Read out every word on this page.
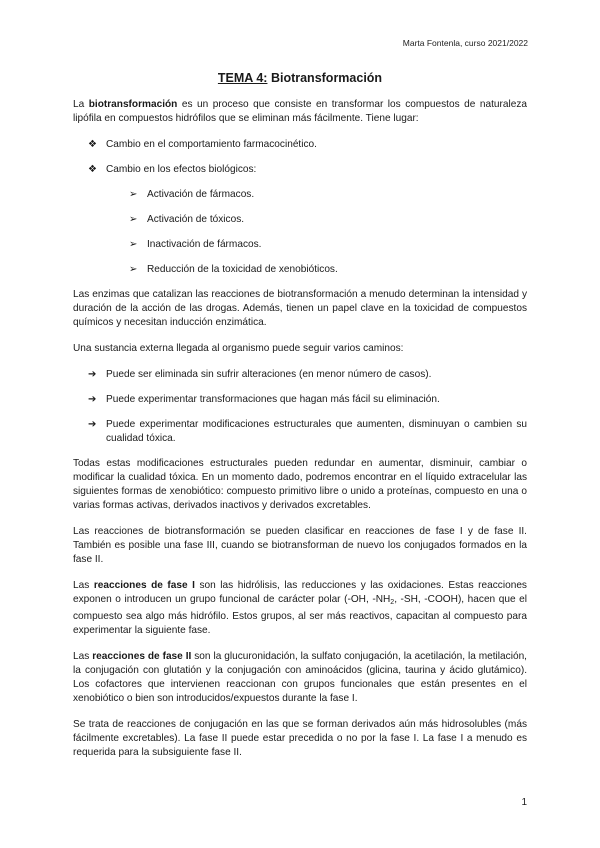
Marta Fontenla, curso 2021/2022
TEMA 4: Biotransformación

La biotransformación es un proceso que consiste en transformar los compuestos de naturaleza lipófila en compuestos hidrófilos que se eliminan más fácilmente. Tiene lugar:

❖ Cambio en el comportamiento farmacocinético.
❖ Cambio en los efectos biológicos:
➢ Activación de fármacos.
➢ Activación de tóxicos.
➢ Inactivación de fármacos.
➢ Reducción de la toxicidad de xenobióticos.

Las enzimas que catalizan las reacciones de biotransformación a menudo determinan la intensidad y duración de la acción de las drogas. Además, tienen un papel clave en la toxicidad de compuestos químicos y necesitan inducción enzimática.

Una sustancia externa llegada al organismo puede seguir varios caminos:

➔ Puede ser eliminada sin sufrir alteraciones (en menor número de casos).
➔ Puede experimentar transformaciones que hagan más fácil su eliminación.
➔ Puede experimentar modificaciones estructurales que aumenten, disminuyan o cambien su cualidad tóxica.

Todas estas modificaciones estructurales pueden redundar en aumentar, disminuir, cambiar o modificar la cualidad tóxica. En un momento dado, podremos encontrar en el líquido extracelular las siguientes formas de xenobiótico: compuesto primitivo libre o unido a proteínas, compuesto en una o varias formas activas, derivados inactivos y derivados excretables.

Las reacciones de biotransformación se pueden clasificar en reacciones de fase I y de fase II. También es posible una fase III, cuando se biotransforman de nuevo los conjugados formados en la fase II.

Las reacciones de fase I son las hidrólisis, las reducciones y las oxidaciones. Estas reacciones exponen o introducen un grupo funcional de carácter polar (-OH, $-NH_2$, -SH, -COOH), hacen que el compuesto sea algo más hidrófilo. Estos grupos, al ser más reactivos, capacitan al compuesto para experimentar la siguiente fase.

Las reacciones de fase II son la glucuronidación, la sulfato conjugación, la acetilación, la metilación, la conjugación con glutatión y la conjugación con aminoácidos (glicina, taurina y ácido glutámico). Los cofactores que intervienen reaccionan con grupos funcionales que están presentes en el xenobiótico o bien son introducidos/expuestos durante la fase I.

Se trata de reacciones de conjugación en las que se forman derivados aún más hidrosolubles (más fácilmente excretables). La fase II puede estar precedida o no por la fase I. La fase I a menudo es requerida para la subsiguiente fase II.

1
